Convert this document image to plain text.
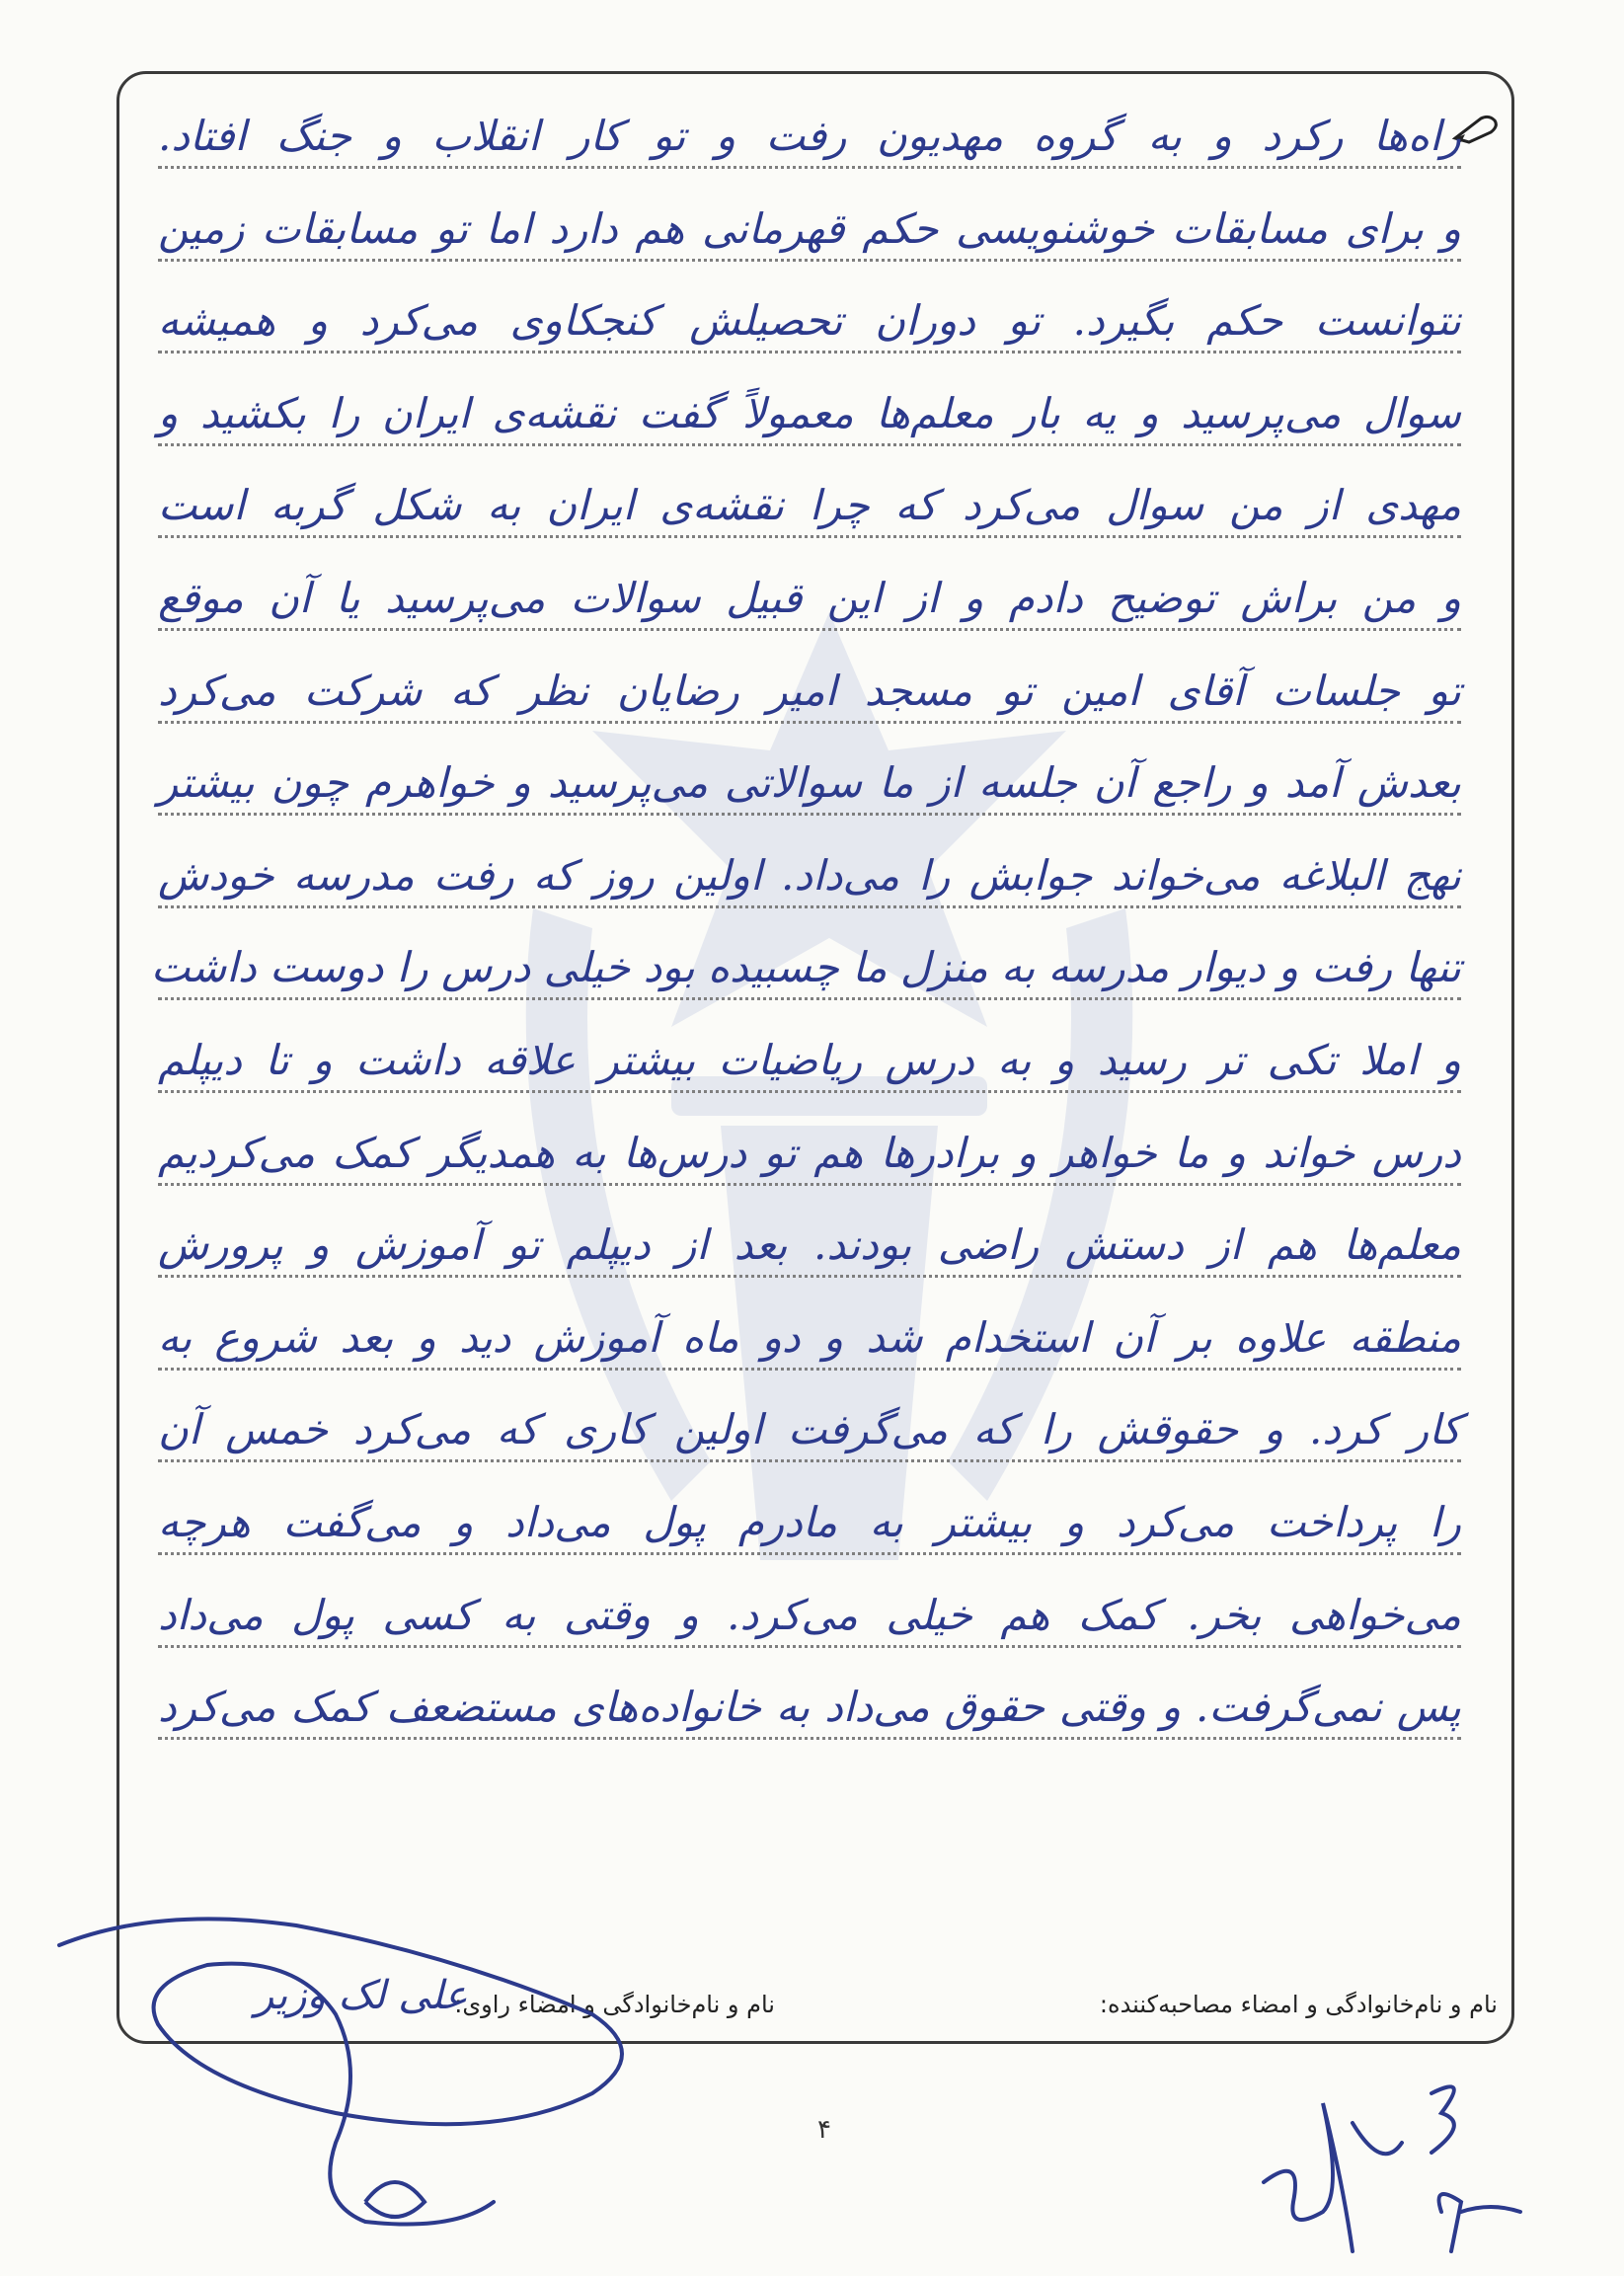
راه‌ها رکرد و به گروه مهدیون رفت و تو کار انقلاب و جنگ افتاد.
و برای مسابقات خوشنویسی حکم قهرمانی هم دارد اما تو مسابقات زمین
نتوانست حکم بگیرد. تو دوران تحصیلش کنجکاوی می‌کرد و همیشه
سوال می‌پرسید و یه بار معلم‌ها معمولاً گفت نقشه‌ی ایران را بکشید و
مهدی از من سوال می‌کرد که چرا نقشه‌ی ایران به شکل گربه است
و من براش توضیح دادم و از این قبیل سوالات می‌پرسید یا آن موقع
تو جلسات آقای امین تو مسجد امیر رضایان نظر که شرکت می‌کرد
بعدش آمد و راجع آن جلسه از ما سوالاتی می‌پرسید و خواهرم چون بیشتر
نهج البلاغه می‌خواند جوابش را می‌داد. اولین روز که رفت مدرسه خودش
تنها رفت و دیوار مدرسه به منزل ما چسبیده بود خیلی درس را دوست داشت
و املا تکی تر رسید و به درس ریاضیات بیشتر علاقه داشت و تا دیپلم
درس خواند و ما خواهر و برادرها هم تو درس‌ها به همدیگر کمک می‌کردیم
معلم‌ها هم از دستش راضی بودند. بعد از دیپلم تو آموزش و پرورش
منطقه علاوه بر آن استخدام شد و دو ماه آموزش دید و بعد شروع به
کار کرد. و حقوقش را که می‌گرفت اولین کاری که می‌کرد خمس آن
را پرداخت می‌کرد و بیشتر به مادرم پول می‌داد و می‌گفت هرچه
می‌خواهی بخر. کمک هم خیلی می‌کرد. و وقتی به کسی پول می‌داد
پس نمی‌گرفت. و وقتی حقوق می‌داد به خانواده‌های مستضعف کمک می‌کرد
نام و نام‌خانوادگی و امضاء مصاحبه‌کننده:
نام و نام‌خانوادگی و امضاء راوی:
علی لک وزیر
۴
